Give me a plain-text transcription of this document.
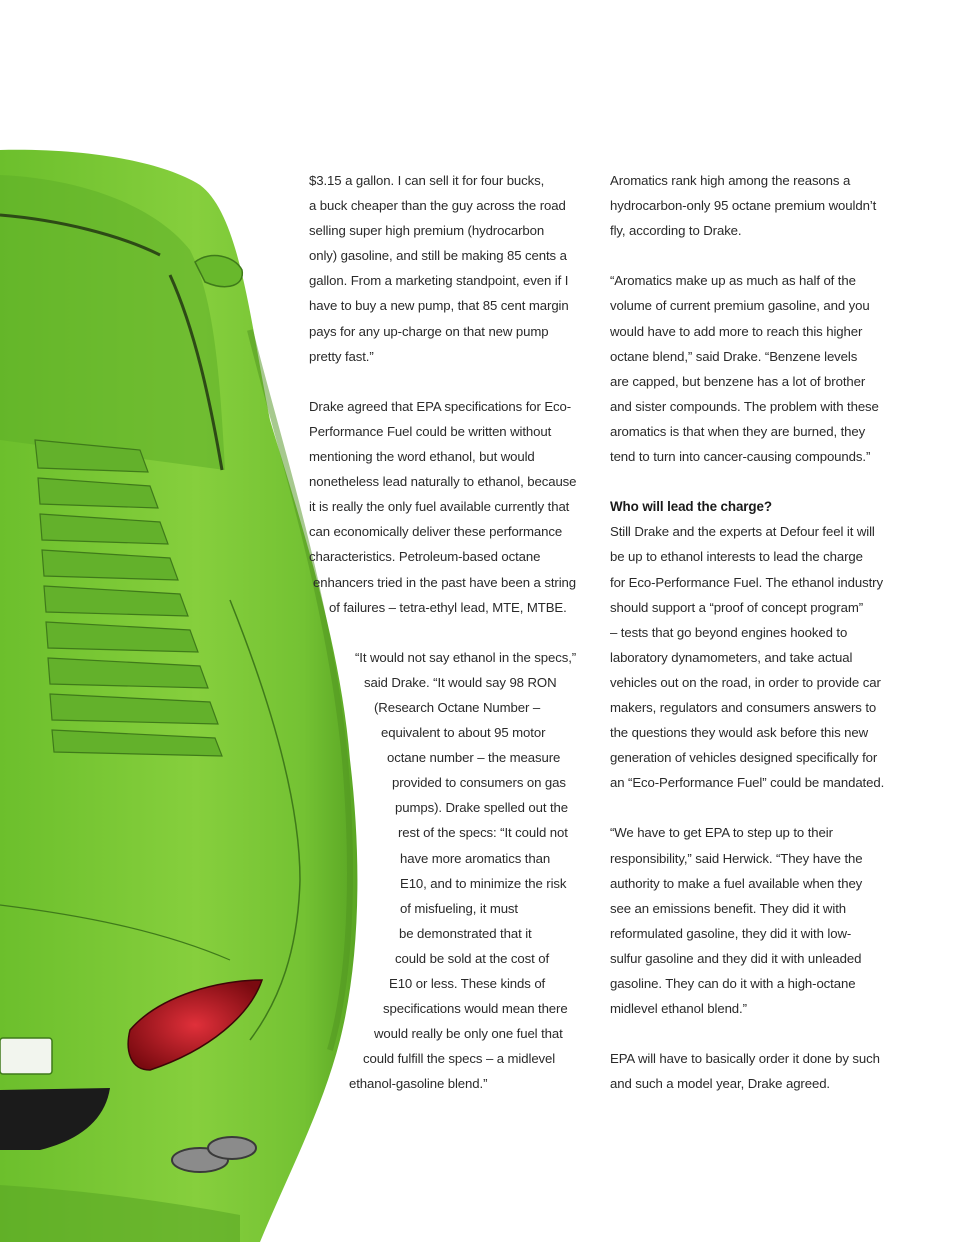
$3.15 a gallon. I can sell it for four bucks,

a buck cheaper than the guy across the road

selling super high premium (hydrocarbon

only) gasoline, and still be making 85 cents a

gallon. From a marketing standpoint, even if I

have to buy a new pump, that 85 cent margin

pays for any up-charge on that new pump

pretty fast.”

Drake agreed that EPA specifications for Eco-

Performance Fuel could be written without

mentioning the word ethanol, but would

nonetheless lead naturally to ethanol, because

it is really the only fuel available currently that

can economically deliver these performance

characteristics. Petroleum-based octane

enhancers tried in the past have been a string

of failures – tetra-ethyl lead, MTE, MTBE.

“It would not say ethanol in the specs,”

said Drake. “It would say 98 RON

(Research Octane Number –

equivalent to about 95 motor

octane number – the measure

provided to consumers on gas

pumps). Drake spelled out the

rest of the specs: “It could not

have more aromatics than

E10, and to minimize the risk

of misfueling, it must

be demonstrated that it

could be sold at the cost of

E10 or less. These kinds of

specifications would mean there

would really be only one fuel that

could fulfill the specs – a midlevel

ethanol-gasoline blend.”

Aromatics rank high among the reasons a

hydrocarbon-only 95 octane premium wouldn’t

fly, according to Drake.

“Aromatics make up as much as half of the

volume of current premium gasoline, and you

would have to add more to reach this higher

octane blend,” said Drake. “Benzene levels

are capped, but benzene has a lot of brother

and sister compounds. The problem with these

aromatics is that when they are burned, they

tend to turn into cancer-causing compounds.”

Who will lead the charge?

Still Drake and the experts at Defour feel it will

be up to ethanol interests to lead the charge

for Eco-Performance Fuel. The ethanol industry

should support a “proof of concept program”

– tests that go beyond engines hooked to

laboratory dynamometers, and take actual

vehicles out on the road, in order to provide car

makers, regulators and consumers answers to

the questions they would ask before this new

generation of vehicles designed specifically for

an “Eco-Performance Fuel” could be mandated.

“We have to get EPA to step up to their

responsibility,” said Herwick. “They have the

authority to make a fuel available when they

see an emissions benefit. They did it with

reformulated gasoline, they did it with low-

sulfur gasoline and they did it with unleaded

gasoline. They can do it with a high-octane

midlevel ethanol blend.”

EPA will have to basically order it done by such

and such a model year, Drake agreed.
